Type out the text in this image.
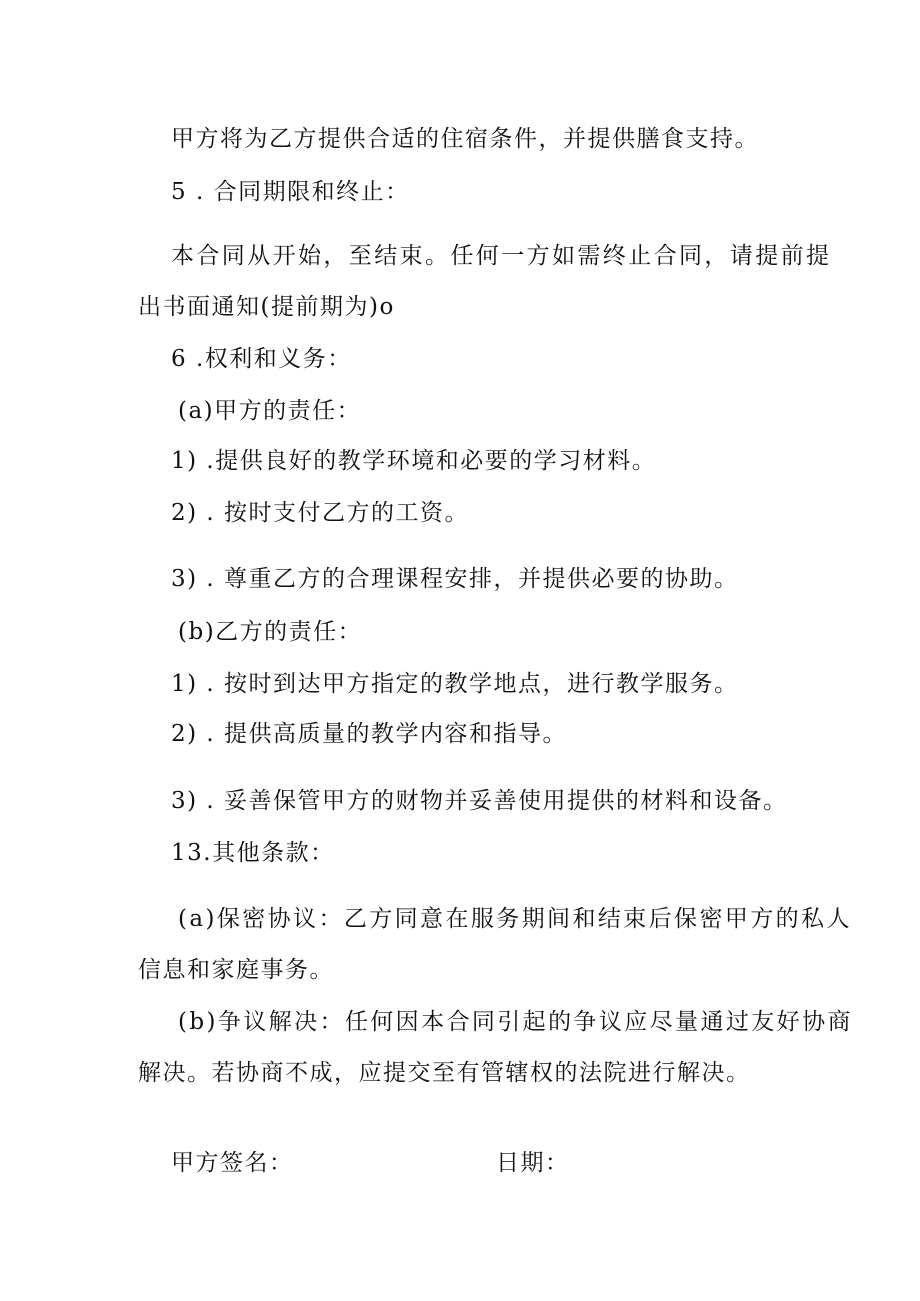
甲方将为乙方提供合适的住宿条件，并提供膳食支持。

5 . 合同期限和终止：

本合同从开始，至结束。任何一方如需终止合同，请提前提

出书面通知(提前期为)o

6 .权利和义务：

(a)甲方的责任：

1) .提供良好的教学环境和必要的学习材料。

2) . 按时支付乙方的工资。

3) . 尊重乙方的合理课程安排，并提供必要的协助。

(b)乙方的责任：

1) . 按时到达甲方指定的教学地点，进行教学服务。

2) . 提供高质量的教学内容和指导。

3) . 妥善保管甲方的财物并妥善使用提供的材料和设备。

13.其他条款：

(a)保密协议：乙方同意在服务期间和结束后保密甲方的私人

信息和家庭事务。

(b)争议解决：任何因本合同引起的争议应尽量通过友好协商

解决。若协商不成，应提交至有管辖权的法院进行解决。

甲方签名：	日期：
